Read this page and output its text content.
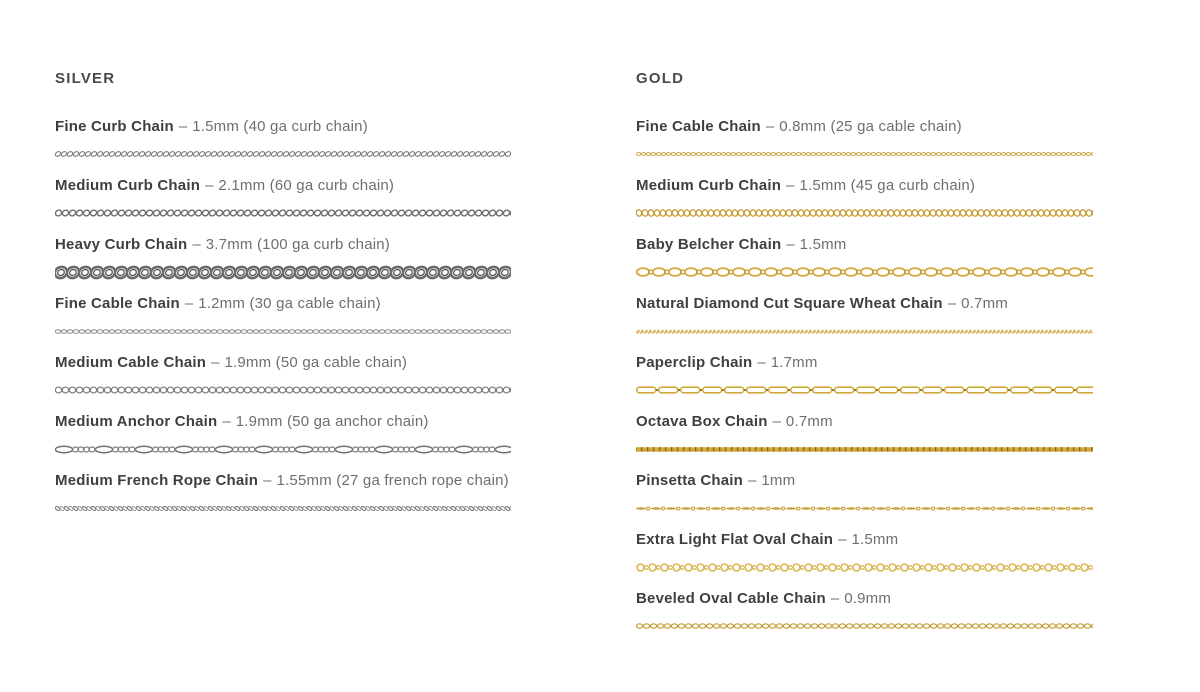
SILVER

Fine Curb Chain – 1.5mm (40 ga curb chain)

Medium Curb Chain – 2.1mm (60 ga curb chain)

Heavy Curb Chain – 3.7mm (100 ga curb chain)

Fine Cable Chain – 1.2mm (30 ga cable chain)

Medium Cable Chain – 1.9mm (50 ga cable chain)

Medium Anchor Chain – 1.9mm (50 ga anchor chain)

Medium French Rope Chain – 1.55mm (27 ga french rope chain)

GOLD

Fine Cable Chain – 0.8mm (25 ga cable chain)

Medium Curb Chain – 1.5mm (45 ga curb chain)

Baby Belcher Chain – 1.5mm

Natural Diamond Cut Square Wheat Chain – 0.7mm

Paperclip Chain – 1.7mm

Octava Box Chain – 0.7mm

Pinsetta Chain – 1mm

Extra Light Flat Oval Chain – 1.5mm

Beveled Oval Cable Chain – 0.9mm
